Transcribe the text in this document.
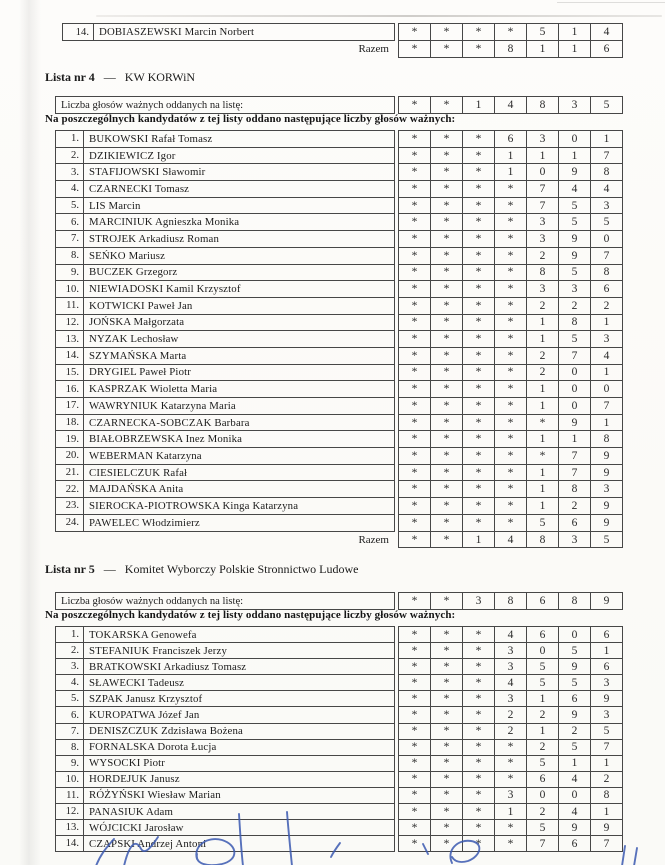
14. DOBIASZEWSKI Marcin Norbert	*	*	*	*	5	1	4
Razem	*	*	*	8	1	1	6
Lista nr 4 — KW KORWiN
Liczba głosów ważnych oddanych na listę:	*	*	1	4	8	3	5
Na poszczególnych kandydatów z tej listy oddano następujące liczby głosów ważnych:
1. BUKOWSKI Rafał Tomasz	*	*	*	6	3	0	1
2. DZIKIEWICZ Igor	*	*	*	1	1	1	7
3. STAFIJOWSKI Sławomir	*	*	*	1	0	9	8
4. CZARNECKI Tomasz	*	*	*	*	7	4	4
5. LIS Marcin	*	*	*	*	7	5	3
6. MARCINIUK Agnieszka Monika	*	*	*	*	3	5	5
7. STROJEK Arkadiusz Roman	*	*	*	*	3	9	0
8. SEŃKO Mariusz	*	*	*	*	2	9	7
9. BUCZEK Grzegorz	*	*	*	*	8	5	8
10. NIEWIADOSKI Kamil Krzysztof	*	*	*	*	3	3	6
11. KOTWICKI Paweł Jan	*	*	*	*	2	2	2
12. JOŃSKA Małgorzata	*	*	*	*	1	8	1
13. NYZAK Lechosław	*	*	*	*	1	5	3
14. SZYMAŃSKA Marta	*	*	*	*	2	7	4
15. DRYGIEL Paweł Piotr	*	*	*	*	2	0	1
16. KASPRZAK Wioletta Maria	*	*	*	*	1	0	0
17. WAWRYNIUK Katarzyna Maria	*	*	*	*	1	0	7
18. CZARNECKA-SOBCZAK Barbara	*	*	*	*	*	9	1
19. BIAŁOBRZEWSKA Inez Monika	*	*	*	*	1	1	8
20. WEBERMAN Katarzyna	*	*	*	*	*	7	9
21. CIESIELCZUK Rafał	*	*	*	*	1	7	9
22. MAJDAŃSKA Anita	*	*	*	*	1	8	3
23. SIEROCKA-PIOTROWSKA Kinga Katarzyna	*	*	*	*	1	2	9
24. PAWELEC Włodzimierz	*	*	*	*	5	6	9
Razem	*	*	1	4	8	3	5
Lista nr 5 — Komitet Wyborczy Polskie Stronnictwo Ludowe
Liczba głosów ważnych oddanych na listę:	*	*	3	8	6	8	9
Na poszczególnych kandydatów z tej listy oddano następujące liczby głosów ważnych:
1. TOKARSKA Genowefa	*	*	*	4	6	0	6
2. STEFANIUK Franciszek Jerzy	*	*	*	3	0	5	1
3. BRATKOWSKI Arkadiusz Tomasz	*	*	*	3	5	9	6
4. SŁAWECKI Tadeusz	*	*	*	4	5	5	3
5. SZPAK Janusz Krzysztof	*	*	*	3	1	6	9
6. KUROPATWA Józef Jan	*	*	*	2	2	9	3
7. DENISZCZUK Zdzisława Bożena	*	*	*	2	1	2	5
8. FORNALSKA Dorota Łucja	*	*	*	*	2	5	7
9. WYSOCKI Piotr	*	*	*	*	5	1	1
10. HORDEJUK Janusz	*	*	*	*	6	4	2
11. RÓŻYŃSKI Wiesław Marian	*	*	*	3	0	0	8
12. PANASIUK Adam	*	*	*	1	2	4	1
13. WÓJCICKI Jarosław	*	*	*	*	5	9	9
14. CZAPSKI Andrzej Antoni	*	*	*	*	7	6	7
